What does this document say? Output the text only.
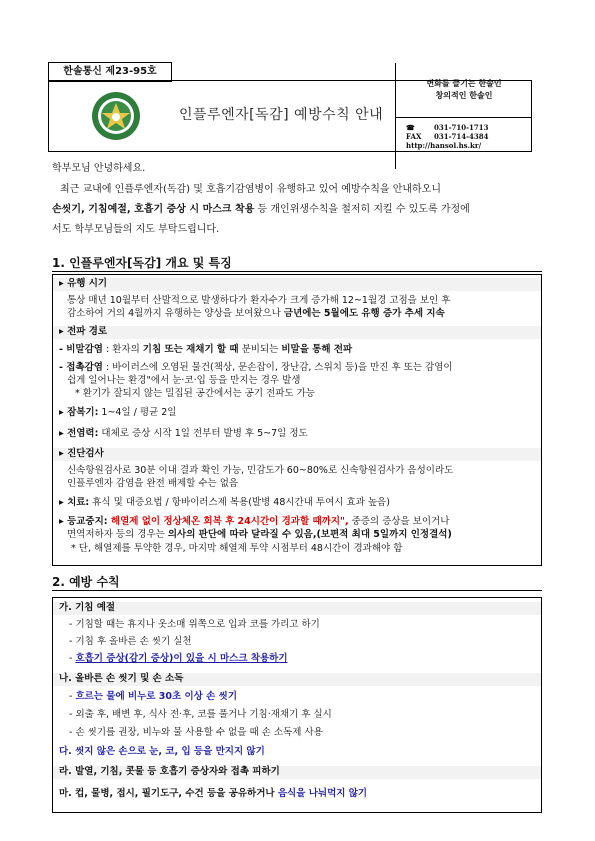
한솔통신 제23-95호
인플루엔자[독감] 예방수칙 안내
변화를 즐기는 한솔인
창의적인 한솔인
☎	031-710-1713
FAX 031-714-4384
http://hansol.hs.kr/
학부모님 안녕하세요.
최근 교내에 인플루엔자(독감) 및 호흡기감염병이 유행하고 있어 예방수칙을 안내하오니
손씻기, 기침예절, 호흡기 증상 시 마스크 착용 등 개인위생수칙을 철저히 지킬 수 있도록 가정에
서도 학부모님들의 지도 부탁드립니다.
1. 인플루엔자[독감] 개요 및 특징
▸ 유행 시기
통상 매년 10월부터 산발적으로 발생하다가 환자수가 크게 증가해 12~1월경 고점을 보인 후
감소하여 거의 4월까지 유행하는 양상을 보여왔으나 금년에는 5월에도 유행 증가 추세 지속
▸ 전파 경로
- 비말감염 : 환자의 기침 또는 재채기 할 때 분비되는 비말을 통해 전파
- 접촉감염 : 바이러스에 오염된 물건(책상, 문손잡이, 장난감, 스위치 등)을 만진 후 또는 감염이
쉽게 일어나는 환경"에서 눈·코·입 등을 만지는 경우 발생
* 환기가 잘되지 않는 밀집된 공간에서는 공기 전파도 가능
▸ 잠복기: 1~4일 / 평균 2일
▸ 전염력: 대체로 증상 시작 1일 전부터 발병 후 5~7일 정도
▸ 진단검사
신속항원검사로 30분 이내 결과 확인 가능, 민감도가 60~80%로 신속항원검사가 음성이라도
인플루엔자 감염을 완전 배제할 수는 없음
▸ 치료: 휴식 및 대증요법 / 항바이러스제 복용(발병 48시간내 투여시 효과 높음)
▸ 등교중지: 해열제 없이 정상체온 회복 후 24시간이 경과할 때까지", 중증의 증상을 보이거나
면역저하자 등의 경우는 의사의 판단에 따라 달라질 수 있음,(보편적 최대 5일까지 인정결석)
* 단, 해열제를 투약한 경우, 마지막 해열제 투약 시점부터 48시간이 경과해야 함
2. 예방 수칙
가. 기침 예절
- 기침할 때는 휴지나 옷소매 위쪽으로 입과 코를 가리고 하기
- 기침 후 올바른 손 씻기 실천
- 호흡기 증상(감기 증상)이 있을 시 마스크 착용하기
나. 올바른 손 씻기 및 손 소독
- 흐르는 물에 비누로 30초 이상 손 씻기
- 외출 후, 배변 후, 식사 전·후, 코를 풀거나 기침·재채기 후 실시
- 손 씻기를 권장, 비누와 물 사용할 수 없을 때 손 소독제 사용
다. 씻지 않은 손으로 눈, 코, 입 등을 만지지 않기
라. 발열, 기침, 콧물 등 호흡기 증상자와 접촉 피하기
마. 컵, 물병, 접시, 필기도구, 수건 등을 공유하거나 음식을 나눠먹지 않기
